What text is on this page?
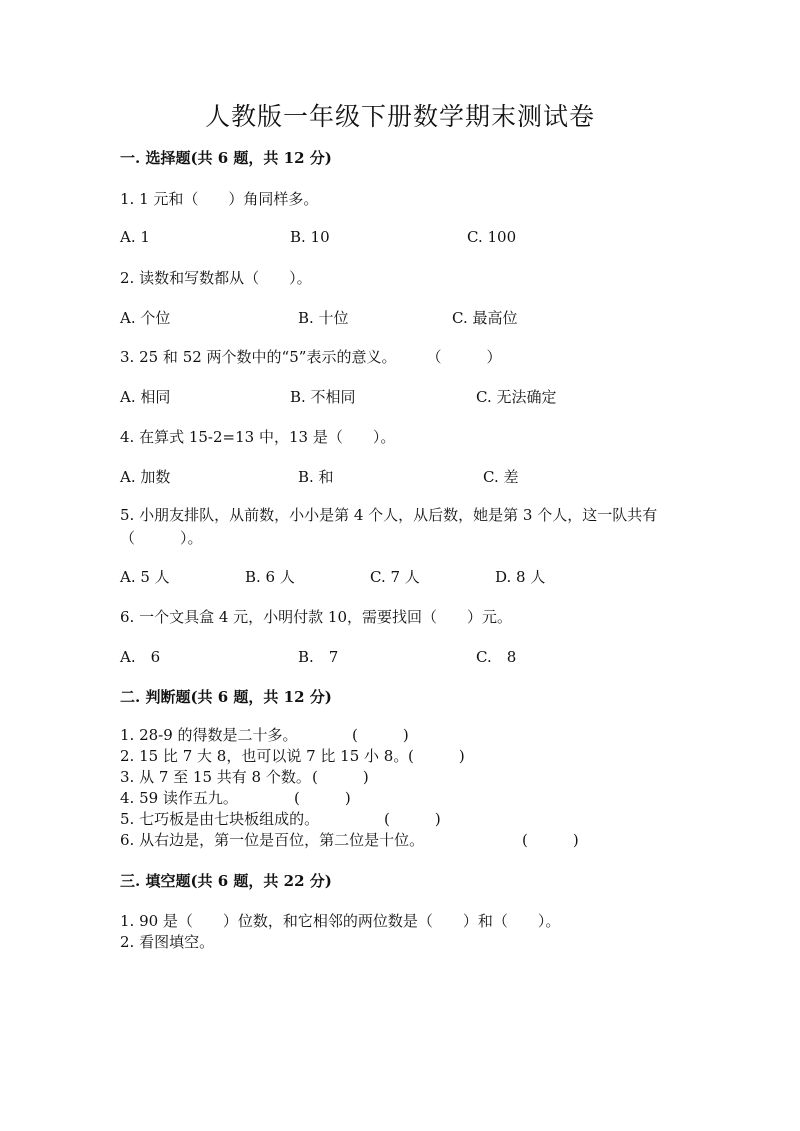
人教版一年级下册数学期末测试卷
一. 选择题(共 6 题，共 12 分)
1. 1 元和（　　）角同样多。
A. 1	B. 10	C. 100
2. 读数和写数都从（　　）。
A. 个位	B. 十位	C. 最高位
3. 25 和 52 两个数中的“5”表示的意义。　　　（　　　）
A. 相同	B. 不相同	C. 无法确定
4. 在算式 15-2=13 中，13 是（　　）。
A. 加数	B. 和	C. 差
5. 小朋友排队，从前数，小小是第 4 个人，从后数，她是第 3 个人，这一队共有（　　　）。
A. 5 人	B. 6 人	C. 7 人	D. 8 人
6. 一个文具盒 4 元，小明付款 10，需要找回（　　）元。
A.　6	B.　7	C.　8
二. 判断题(共 6 题，共 12 分)
1. 28-9 的得数是二十多。	(　　　)
2. 15 比 7 大 8，也可以说 7 比 15 小 8。 (　　　)
3. 从 7 至 15 共有 8 个数。 (　　　)
4. 59 读作五九。	(　　　)
5. 七巧板是由七块板组成的。	(　　　)
6. 从右边是，第一位是百位，第二位是十位。	(　　　)
三. 填空题(共 6 题，共 22 分)
1. 90 是（　　）位数，和它相邻的两位数是（　　）和（　　）。
2. 看图填空。
